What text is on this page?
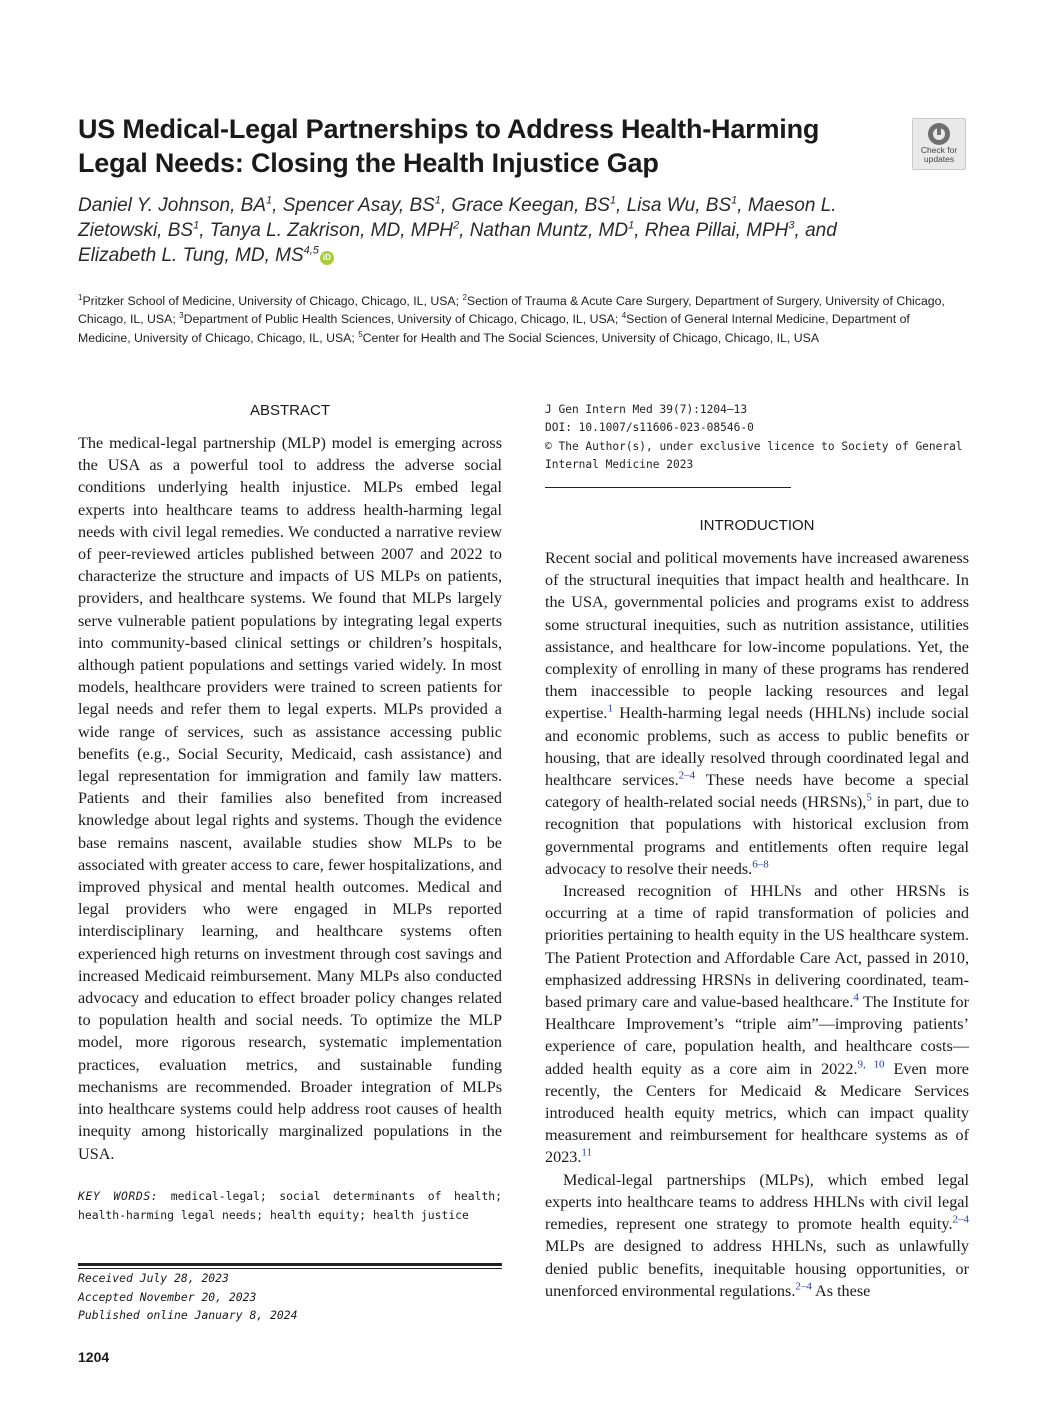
US Medical-Legal Partnerships to Address Health-Harming Legal Needs: Closing the Health Injustice Gap	Check for
updates
Daniel Y. Johnson, $BA^1$, Spencer Asay, $BS^1$, Grace Keegan, $BS^1$, Lisa Wu, $BS^1$, Maeson L. Zietowski, $BS^1$, Tanya L. Zakrison, MD, MPH$^2$, Nathan Muntz, $MD^1$, Rhea Pillai, MPH$^3$, and Elizabeth L. Tung, MD, MS$^{4,5}$iD
$^1$Pritzker School of Medicine, University of Chicago, Chicago, IL, USA; $^2$Section of Trauma & Acute Care Surgery, Department of Surgery, University of Chicago, Chicago, IL, USA; $^3$Department of Public Health Sciences, University of Chicago, Chicago, IL, USA; $^4$Section of General Internal Medicine, Department of Medicine, University of Chicago, Chicago, IL, USA; $^5$Center for Health and The Social Sciences, University of Chicago, Chicago, IL, USA
ABSTRACT

The medical-legal partnership (MLP) model is emerging across the USA as a powerful tool to address the adverse social conditions underlying health injustice. MLPs embed legal experts into healthcare teams to address health-harming legal needs with civil legal remedies. We conducted a narrative review of peer-reviewed articles published between 2007 and 2022 to characterize the structure and impacts of US MLPs on patients, providers, and healthcare systems. We found that MLPs largely serve vulnerable patient populations by integrating legal experts into community-based clinical settings or children’s hospitals, although patient populations and settings varied widely. In most models, healthcare providers were trained to screen patients for legal needs and refer them to legal experts. MLPs provided a wide range of services, such as assistance accessing public benefits (e.g., Social Security, Medicaid, cash assistance) and legal representation for immigration and family law matters. Patients and their families also benefited from increased knowledge about legal rights and systems. Though the evidence base remains nascent, available studies show MLPs to be associated with greater access to care, fewer hospitalizations, and improved physical and mental health outcomes. Medical and legal providers who were engaged in MLPs reported interdisciplinary learning, and healthcare systems often experienced high returns on investment through cost savings and increased Medicaid reimbursement. Many MLPs also conducted advocacy and education to effect broader policy changes related to population health and social needs. To optimize the MLP model, more rigorous research, systematic implementation practices, evaluation metrics, and sustainable funding mechanisms are recommended. Broader integration of MLPs into healthcare systems could help address root causes of health inequity among historically marginalized populations in the USA.

KEY WORDS: medical-legal; social determinants of health; health-harming legal needs; health equity; health justice
Received July 28, 2023
Accepted November 20, 2023
Published online January 8, 2024
1204
J Gen Intern Med 39(7):1204–13
DOI: 10.1007/s11606-023-08546-0
© The Author(s), under exclusive licence to Society of General Internal Medicine 2023
INTRODUCTION

Recent social and political movements have increased awareness of the structural inequities that impact health and healthcare. In the USA, governmental policies and programs exist to address some structural inequities, such as nutrition assistance, utilities assistance, and healthcare for low-income populations. Yet, the complexity of enrolling in many of these programs has rendered them inaccessible to people lacking resources and legal expertise.$^1$ Health-harming legal needs (HHLNs) include social and economic problems, such as access to public benefits or housing, that are ideally resolved through coordinated legal and healthcare services.$^{2-4}$ These needs have become a special category of health-related social needs (HRSNs),$^5$ in part, due to recognition that populations with historical exclusion from governmental programs and entitlements often require legal advocacy to resolve their needs.$^{6-8}$

Increased recognition of HHLNs and other HRSNs is occurring at a time of rapid transformation of policies and priorities pertaining to health equity in the US healthcare system. The Patient Protection and Affordable Care Act, passed in 2010, emphasized addressing HRSNs in delivering coordinated, team-based primary care and value-based healthcare.$^4$ The Institute for Healthcare Improvement’s “triple aim”—improving patients’ experience of care, population health, and healthcare costs—added health equity as a core aim in 2022.$^{9, 10}$ Even more recently, the Centers for Medicaid & Medicare Services introduced health equity metrics, which can impact quality measurement and reimbursement for healthcare systems as of 2023.11

Medical-legal partnerships (MLPs), which embed legal experts into healthcare teams to address HHLNs with civil legal remedies, represent one strategy to promote health equity.$^{2-4}$ MLPs are designed to address HHLNs, such as unlawfully denied public benefits, inequitable housing opportunities, or unenforced environmental regulations.$^{2-4}$ As these
